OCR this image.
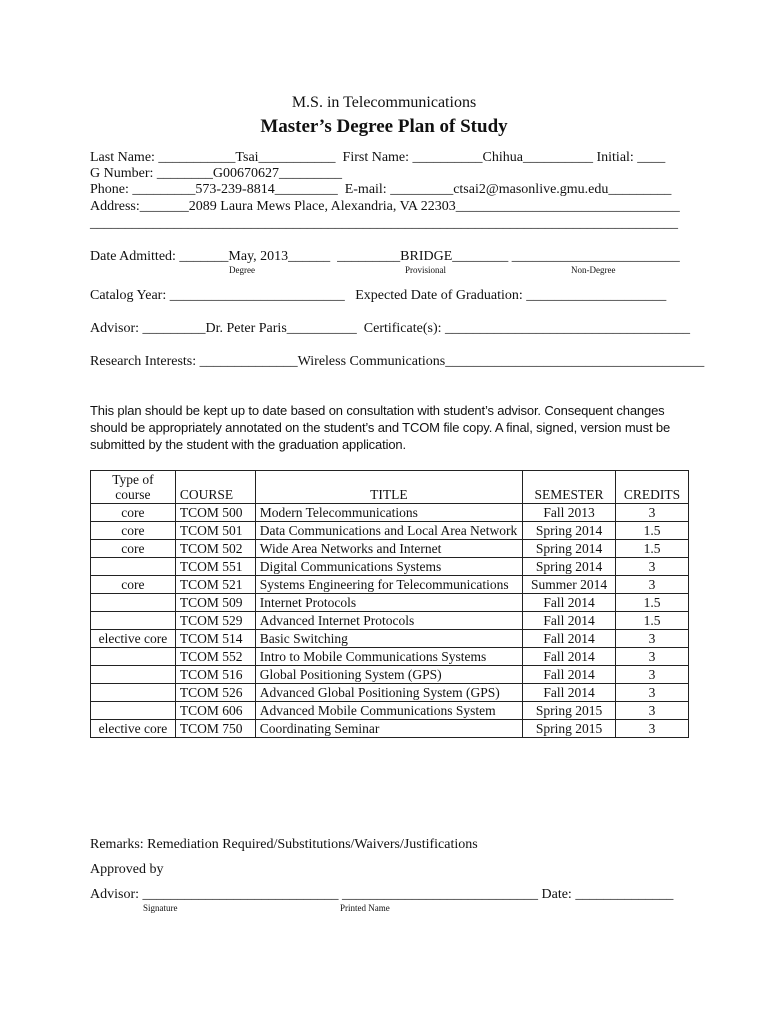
M.S. in Telecommunications
Master’s Degree Plan of Study
Last Name: ___________Tsai___________  First Name: __________Chihua__________ Initial: ____
G Number: ________G00670627_________
Phone: _________573-239-8814_________  E-mail: _________ctsai2@masonlive.gmu.edu_________
Address:_______2089 Laura Mews Place, Alexandria, VA 22303________________________________
____________________________________________________________________________________
Date Admitted: _______May, 2013______  _________BRIDGE________ ________________________
Degree	Provisional	Non-Degree
Catalog Year: _________________________   Expected Date of Graduation: ____________________
Advisor: _________Dr. Peter Paris__________  Certificate(s): ___________________________________
Research Interests: ______________Wireless Communications_____________________________________
This plan should be kept up to date based on consultation with student’s advisor. Consequent changes should be appropriately annotated on the student’s and TCOM file copy. A final, signed, version must be submitted by the student with the graduation application.
Type of course	COURSE	TITLE	SEMESTER	CREDITS
core	TCOM 500	Modern Telecommunications	Fall 2013	3
core	TCOM 501	Data Communications and Local Area Network	Spring 2014	1.5
core	TCOM 502	Wide Area Networks and Internet	Spring 2014	1.5
	TCOM 551	Digital Communications Systems	Spring 2014	3
core	TCOM 521	Systems Engineering for Telecommunications	Summer 2014	3
	TCOM 509	Internet Protocols	Fall 2014	1.5
	TCOM 529	Advanced Internet Protocols	Fall 2014	1.5
elective core	TCOM 514	Basic Switching	Fall 2014	3
	TCOM 552	Intro to Mobile Communications Systems	Fall 2014	3
	TCOM 516	Global Positioning System (GPS)	Fall 2014	3
	TCOM 526	Advanced Global Positioning System (GPS)	Fall 2014	3
	TCOM 606	Advanced Mobile Communications System	Spring 2015	3
elective core	TCOM 750	Coordinating Seminar	Spring 2015	3
Remarks: Remediation Required/Substitutions/Waivers/Justifications
Approved by
Advisor: ____________________________ ____________________________ Date: ______________
Signature	Printed Name
